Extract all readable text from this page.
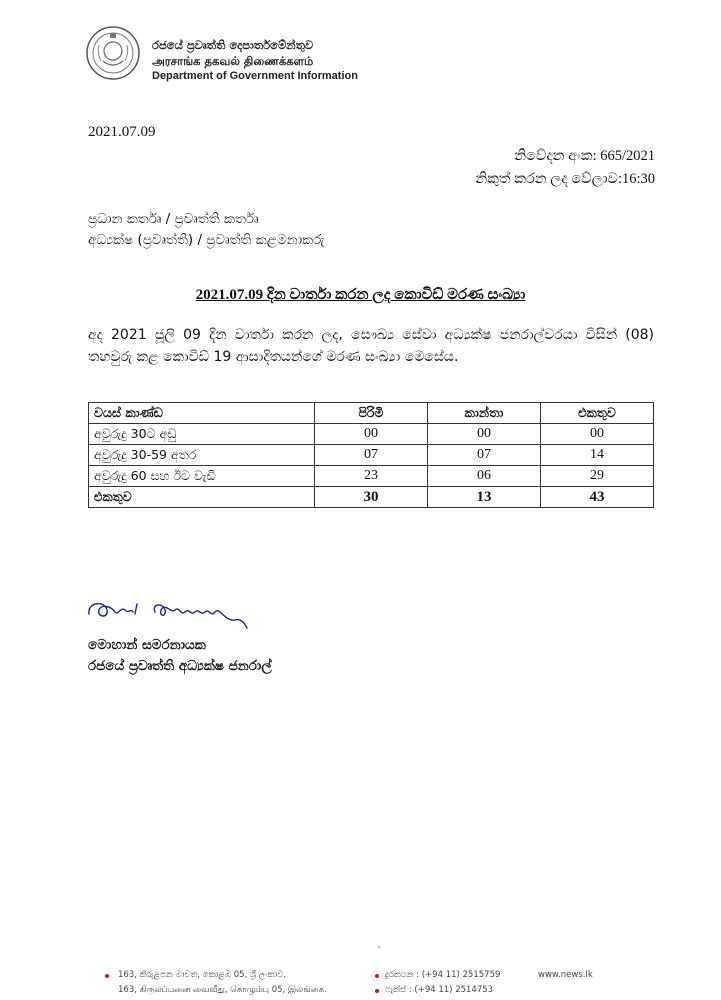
රජයේ ප්‍රවෘත්ති දෙපාර්තමේන්තුව
அரசாங்க தகவல் திணைக்களம்
Department of Government Information
2021.07.09
නිවේදන අංක: 665/2021
නිකුත් කරන ලද වේලාව:16:30
ප්‍රධාන කර්තෘ / ප්‍රවෘත්ති කර්තෘ
අධ්‍යක්ෂ (ප්‍රවෘත්ති) / ප්‍රවෘත්ති කළමනාකරු
2021.07.09 දින වාර්තා කරන ලද කොවිඩ් මරණ සංඛ්‍යා
අද 2021 ජූලි 09 දින වාර්තා කරන ලද, සෞඛ්‍ය සේවා අධ්‍යක්ෂ ජනරාල්වරයා විසින් (08) තහවුරු කළ කොවිඩ් 19 ආසාදිතයන්ගේ මරණ සංඛ්‍යා මෙසේය.
වයස් කාණ්ඩ	පිරිමි	කාන්තා	එකතුව
අවුරුදු 30ට අඩු	00	00	00
අවුරුදු 30-59 අතර	07	07	14
අවුරුදු 60 සහ ඊට වැඩි	23	06	29
එකතුව	30	13	43
මොහාන් සමරනායක
රජයේ ප්‍රවෘත්ති අධ්‍යක්ෂ ජනරාල්
163, කිරුළපන මාවත, කොළඹ 05, ශ්‍රී ලංකාව.
163, கிருலப்பனை வைவீது, கொழும்பு 05, இலங்கை.
දුරකථන : (+94 11) 2515759
ෆැක්ස් : (+94 11) 2514753
www.news.lk
